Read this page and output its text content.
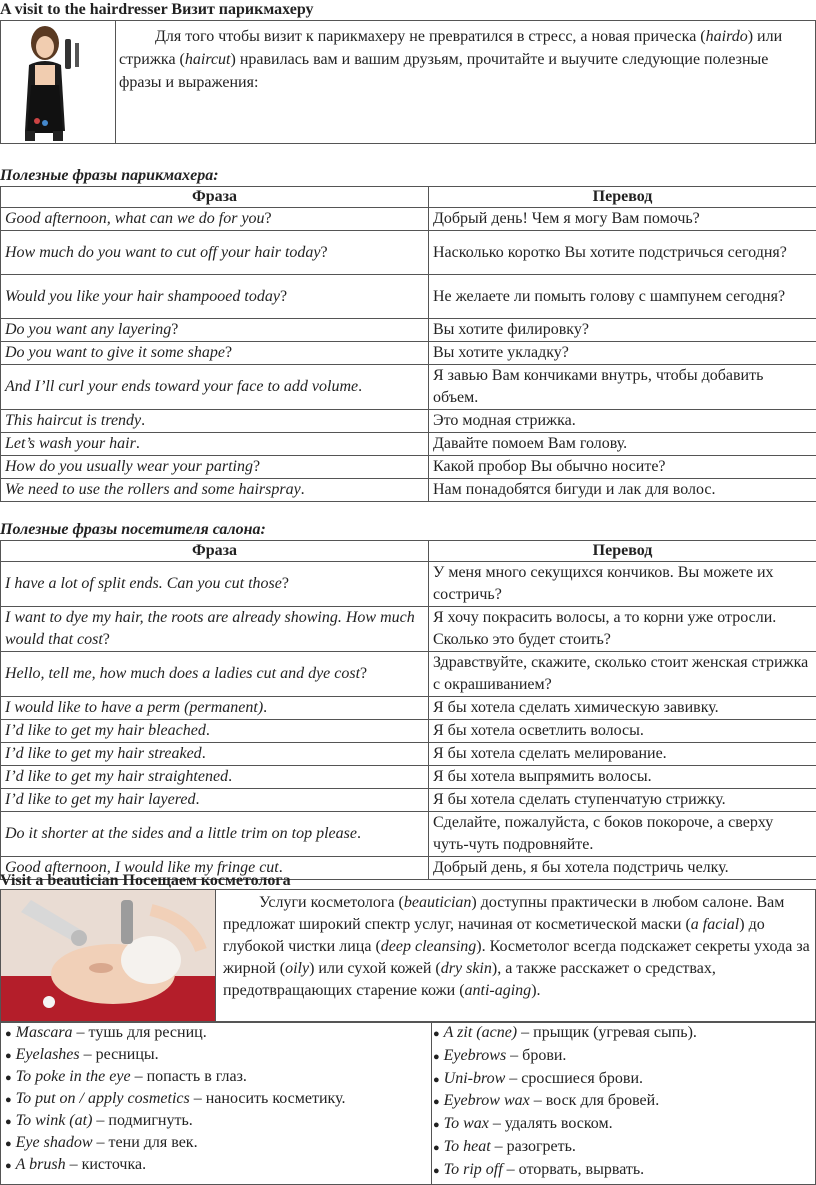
A visit to the hairdresser Визит парикмахеру
Для того чтобы визит к парикмахеру не превратился в стресс, а новая прическа (hairdo) или стрижка (haircut) нравилась вам и вашим друзьям, прочитайте и выучите следующие полезные фразы и выражения:
Полезные фразы парикмахера:
Фраза	Перевод
Good afternoon, what can we do for you?	Добрый день! Чем я могу Вам помочь?
How much do you want to cut off your hair today?	Насколько коротко Вы хотите подстричься сегодня?
Would you like your hair shampooed today?	Не желаете ли помыть голову с шампунем сегодня?
Do you want any layering?	Вы хотите филировку?
Do you want to give it some shape?	Вы хотите укладку?
And I’ll curl your ends toward your face to add volume.	Я завью Вам кончиками внутрь, чтобы добавить объем.
This haircut is trendy.	Это модная стрижка.
Let’s wash your hair.	Давайте помоем Вам голову.
How do you usually wear your parting?	Какой пробор Вы обычно носите?
We need to use the rollers and some hairspray.	Нам понадобятся бигуди и лак для волос.
Полезные фразы посетителя салона:
Фраза	Перевод
I have a lot of split ends. Can you cut those?	У меня много секущихся кончиков. Вы можете их состричь?
I want to dye my hair, the roots are already showing. How much would that cost?	Я хочу покрасить волосы, а то корни уже отросли. Сколько это будет стоить?
Hello, tell me, how much does a ladies cut and dye cost?	Здравствуйте, скажите, сколько стоит женская стрижка с окрашиванием?
I would like to have a perm (permanent).	Я бы хотела сделать химическую завивку.
I’d like to get my hair bleached.	Я бы хотела осветлить волосы.
I’d like to get my hair streaked.	Я бы хотела сделать мелирование.
I’d like to get my hair straightened.	Я бы хотела выпрямить волосы.
I’d like to get my hair layered.	Я бы хотела сделать ступенчатую стрижку.
Do it shorter at the sides and a little trim on top please.	Сделайте, пожалуйста, с боков покороче, а сверху чуть-чуть подровняйте.
Good afternoon, I would like my fringe cut.	Добрый день, я бы хотела подстричь челку.
Visit a beautician Посещаем косметолога
Услуги косметолога (beautician) доступны практически в любом салоне. Вам предложат широкий спектр услуг, начиная от косметической маски (a facial) до глубокой чистки лица (deep cleansing). Косметолог всегда подскажет секреты ухода за жирной (oily) или сухой кожей (dry skin), а также расскажет о средствах, предотвращающих старение кожи (anti-aging).
● Mascara – тушь для ресниц.
● Eyelashes – ресницы.
● To poke in the eye – попасть в глаз.
● To put on / apply cosmetics – наносить косметику.
● To wink (at) – подмигнуть.
● Eye shadow – тени для век.
● A brush – кисточка.
● A zit (acne) – прыщик (угревая сыпь).
● Eyebrows – брови.
● Uni-brow – сросшиеся брови.
● Eyebrow wax – воск для бровей.
● To wax – удалять воском.
● To heat – разогреть.
● To rip off – оторвать, вырвать.
